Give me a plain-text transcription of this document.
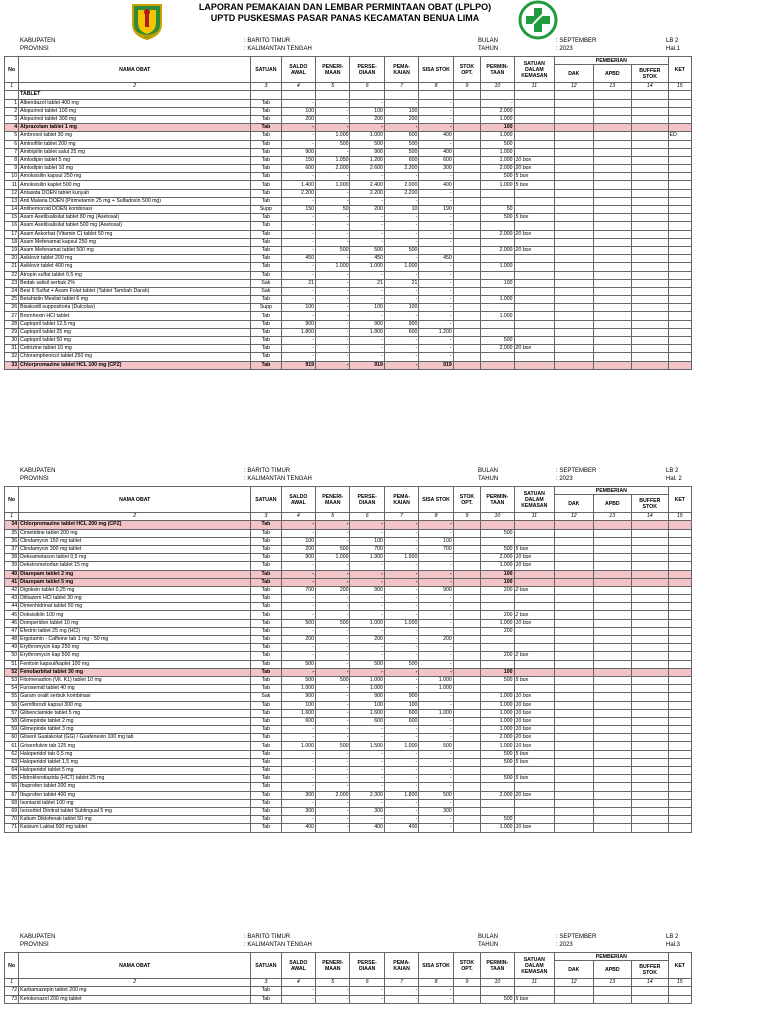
LAPORAN PEMAKAIAN DAN LEMBAR PERMINTAAN OBAT (LPLPO)
UPTD PUSKESMAS PASAR PANAS KECAMATAN BENUA LIMA
KABUPATEN
PROVINSI
: BARITO TIMUR
: KALIMANTAN TENGAH
BULAN
TAHUN
: SEPTEMBER
: 2023
LB 2
Hal.1
No	NAMA OBAT	SATUAN	SALDO AWAL	PENERI-MAAN	PERSE-DIAAN	PEMA-KAIAN	SISA STOK	STOK OPT.	PERMIN-TAAN	SATUAN DALAM KEMASAN	PEMBERIAN			KET
											DAK	APBD	BUFFER STOK	
1	2	3	4	5	6	7	8	9	10	11	12	13	14	15
	TABLET													
1	Albendazol tablet 400 mg	Tab	-	-	-	-	-		-					
2	Alopurinol tablet 100 mg	Tab	100	-	100	100	-		2.000					
3	Alopurinol tablet 300 mg	Tab	200	-	200	200	-		1.000					
4	Alprazolam tablet 1 mg	Tab	-	-	-	-	-		100					
5	Ambroxol tablet 30 mg	Tab	-	1.000	1.000	600	400		1.000					ED
6	Aminofilin tablet 200 mg	Tab	-	500	500	500	-		500					
7	Amitripilin tablet salut 25 mg	Tab	900	-	900	500	400		1.000					
8	Amlodipin tablet 5 mg	Tab	150	1.050	1.200	600	600		1.000	10 box				
9	Amlodipin tablet 10 mg	Tab	600	2.000	2.600	2.300	300		2.000	20 box				
10	Amoksisilin kapsul 250 mg	Tab	-	-	-	-	-		500	5 box				
11	Amoksisilin kaplet 500 mg	Tab	1.400	1.000	2.400	2.000	400		1.000	5 box				
12	Antasida DOEN tablet kunyah	Tab	2.200	-	2.200	2.200	-							
13	Anti Malaria DOEN (Pirimetamin 25 mg + Sulfadoxin 500 mg)	Tab	-	-	-	-	-							
14	Antihemoroid DOEN kombinasi	Supp	150	50	200	10	190		50					
15	Asam Asetilsalisilat tablet 80 mg (Asetosal)	Tab	-	-	-	-	-		500	5 box				
16	Asam Asetilsalisilat tablet 500 mg (Asetosal)	Tab	-	-	-	-	-							
17	Asam Askorbat (Vitamin C) tablet 50 mg	Tab	-	-	-	-	-		2.000	20 box				
18	Asam Mefenamat kapsul 250 mg	Tab	-	-	-	-	-							
19	Asam Mefenamat tablet 500 mg	Tab	-	500	500	500	-		2.000	20 box				
20	Asiklovir tablet 200 mg	Tab	450	-	450	-	450							
21	Asiklovir tablet 400 mg	Tab	-	1.000	1.000	1.000	-		1.000					
22	Atropin sulfat tablet 0,5 mg	Tab	-	-	-	-	-							
23	Bedak salisil serbuk 2%	Sak	21	-	21	21	-		100					
24	Besi II Sulfat + Asam Folat tablet (Tablet Tambah Darah)	Sak	-	-	-	-	-							
25	Betahistin Mesilat tablet 6 mg	Tab	-	-	-	-	-		1.000					
26	Bisakodil suppositoria (Dulcolax)	Supp	100	-	100	100	-							
27	Bromhexin HCl tablet	Tab	-	-	-	-	-		1.000					
28	Captopril tablet 12,5 mg	Tab	900	-	900	900	-							
29	Captopril tablet 25 mg	Tab	1.800	-	1.800	600	1.200							
30	Captopril tablet 50 mg	Tab	-	-	-	-	-		500					
31	Cetirizine tablet 10 mg	Tab	-	-	-	-	-		2.000	20 box				
32	Chloramphenicol tablet 250 mg	Tab	-	-	-	-	-							
33	Chlorpromazine tablet HCL 100 mg (CPZ)	Tab	919	-	919	-	919							
KABUPATEN
PROVINSI
: BARITO TIMUR
: KALIMANTAN TENGAH
BULAN
TAHUN
: SEPTEMBER
: 2023
LB 2
Hal. 2
No	NAMA OBAT	SATUAN	SALDO AWAL	PENERI-MAAN	PERSE-DIAAN	PEMA-KAIAN	SISA STOK	STOK OPT.	PERMIN-TAAN	SATUAN DALAM KEMASAN	PEMBERIAN			KET
											DAK	APBD	BUFFER STOK	
1	2	3	4	5	6	7	8	9	10	11	12	13	14	15
34	Chlorpromazine tablet HCL 200 mg (CPZ)	Tab	-	-	-	-	-							
35	Cimetidine tablet 200 mg	Tab	-	-	-	-	-		500					
36	Clindamycin 150 mg tablet	Tab	100	-	100	-	100							
37	Clindamycin 300 mg tablet	Tab	200	500	700	-	700		500	5 box				
38	Deksametason tablet 0,5 mg	Tab	900	1.000	1.900	1.900	-		2.000	10 box				
39	Dekstrometorfan tablet 15 mg	Tab	-	-	-	-	-		1.000	10 box				
40	Diazepam tablet 2 mg	Tab	-	-	-	-	-		100					
41	Diazepam tablet 5 mg	Tab	-	-	-	-	-		100					
42	Digoksin tablet 0,25 mg	Tab	700	200	900	-	900		200	2 box				
43	Diltiazem HCl tablet 30 mg	Tab	-	-	-	-	-							
44	Dimenhidrinat tablet 50 mg	Tab	-	-	-	-	-							
45	Doksisiklin 100 mg	Tab	-	-	-	-	-		200	2 box				
46	Domperidon tablet 10 mg	Tab	500	500	1.000	1.000	-		1.000	10 box				
47	Efedrin tablet 25 mg (HCl)	Tab	-	-	-	-	-		200					
48	Ergotamin - Caffeine tab 1 mg - 50 mg	Tab	200	-	200	-	200							
49	Erythromycin kap 250 mg	Tab	-	-	-	-	-							
50	Erythromycin kap 500 mg	Tab	-	-	-	-	-		200	2 box				
51	Fenitoin kapsul/kaplet 100 mg	Tab	500	-	500	500	-							
52	Fenobarbital tablet 30 mg	Tab	-	-	-	-	-		100					
53	Fitomenadion (Vit. K1) tablet 10 mg	Tab	500	500	1.000	-	1.000		500	5 box				
54	Furosemid tablet 40 mg	Tab	1.000	-	1.000	-	1.000							
55	Garam oralit serbuk kombinasi	Sak	900	-	900	900	-		1.000	10 box				
56	Gemfibrozil kapsul 300 mg	Tab	100	-	100	100	-		1.000	10 box				
57	Glibenclamide tablet 5 mg	Tab	1.600	-	1.600	600	1.000		1.000	10 box				
58	Glimepiride tablet 2 mg	Tab	600	-	600	600	-		1.000	10 box				
59	Glimepiride tablet 3 mg	Tab	-	-	-	-	-		1.000	10 box				
60	Gliseril Gualakolat (GG) / Guafenesin 100 mg tab	Tab	-	-	-	-	-		2.000	20 box				
61	Griseofulvin tab 125 mg	Tab	1.000	500	1.500	1.000	500		1.000	10 box				
62	Haloperidol tab 0,5 mg	Tab	-	-	-	-	-		500	5 box				
63	Haloperidol tablet 1,5 mg	Tab	-	-	-	-	-		500	5 box				
64	Haloperidol tablet 5 mg	Tab	-	-	-	-	-							
65	Hidroklorotiazida (HCT) tablet 25 mg	Tab	-	-	-	-	-		500	5 box				
66	Ibuprofen tablet 200 mg	Tab	-	-	-	-	-							
67	Ibuprofen tablet 400 mg	Tab	300	2.000	2.300	1.800	500		2.000	20 box				
68	Isoniazid tablet 100 mg	Tab	-	-	-	-	-							
69	Isosorbid Dinitrat tablet Sublingual 5 mg	Tab	300	-	300	-	300							
70	Kalium Diklofenak tablet 50 mg	Tab	-	-	-	-	-		500					
71	Kalsium Laktat 500 mg tablet	Tab	400	-	400	400	-		1.000	10 box				
KABUPATEN
PROVINSI
: BARITO TIMUR
: KALIMANTAN TENGAH
BULAN
TAHUN
: SEPTEMBER
: 2023
LB 2
Hal.3
No	NAMA OBAT	SATUAN	SALDO AWAL	PENERI-MAAN	PERSE-DIAAN	PEMA-KAIAN	SISA STOK	STOK OPT.	PERMIN-TAAN	SATUAN DALAM KEMASAN	PEMBERIAN			KET
											DAK	APBD	BUFFER STOK	
1	2	3	4	5	6	7	8	9	10	11	12	13	14	15
72	Karbamazepin tablet 200 mg	Tab	-	-	-	-	-							
73	Ketokonazol 200 mg tablet	Tab	-	-	-	-	-		500	5 box				
